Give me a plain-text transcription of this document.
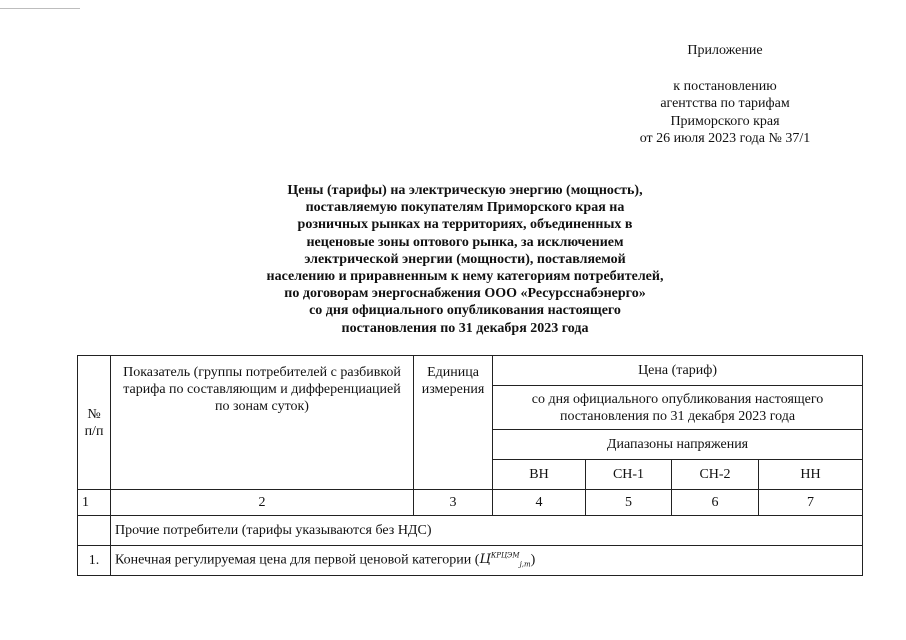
Приложение
к постановлению
агентства по тарифам
Приморского края
от 26 июля 2023 года № 37/1
Цены (тарифы) на электрическую энергию (мощность),
поставляемую покупателям Приморского края на
розничных рынках на территориях, объединенных в
неценовые зоны оптового рынка, за исключением
электрической энергии (мощности), поставляемой
населению и приравненным к нему категориям потребителей,
по договорам энергоснабжения ООО «Ресурсснабэнерго»
со дня официального опубликования настоящего
постановления по 31 декабря 2023 года
№ п/п	Показатель (группы потребителей с разбивкой тарифа по составляющим и дифференциацией по зонам суток)	Единица измерения	Цена (тариф)			
			со дня официального опубликования настоящего постановления по 31 декабря 2023 года			
			Диапазоны напряжения			
			ВН	СН-1	СН-2	НН
1	2	3	4	5	6	7
	Прочие потребители (тарифы указываются без НДС)					
1.	Конечная регулируемая цена для первой ценовой категории $(Ц^{КРЦЭМ}_{j,m})$					
